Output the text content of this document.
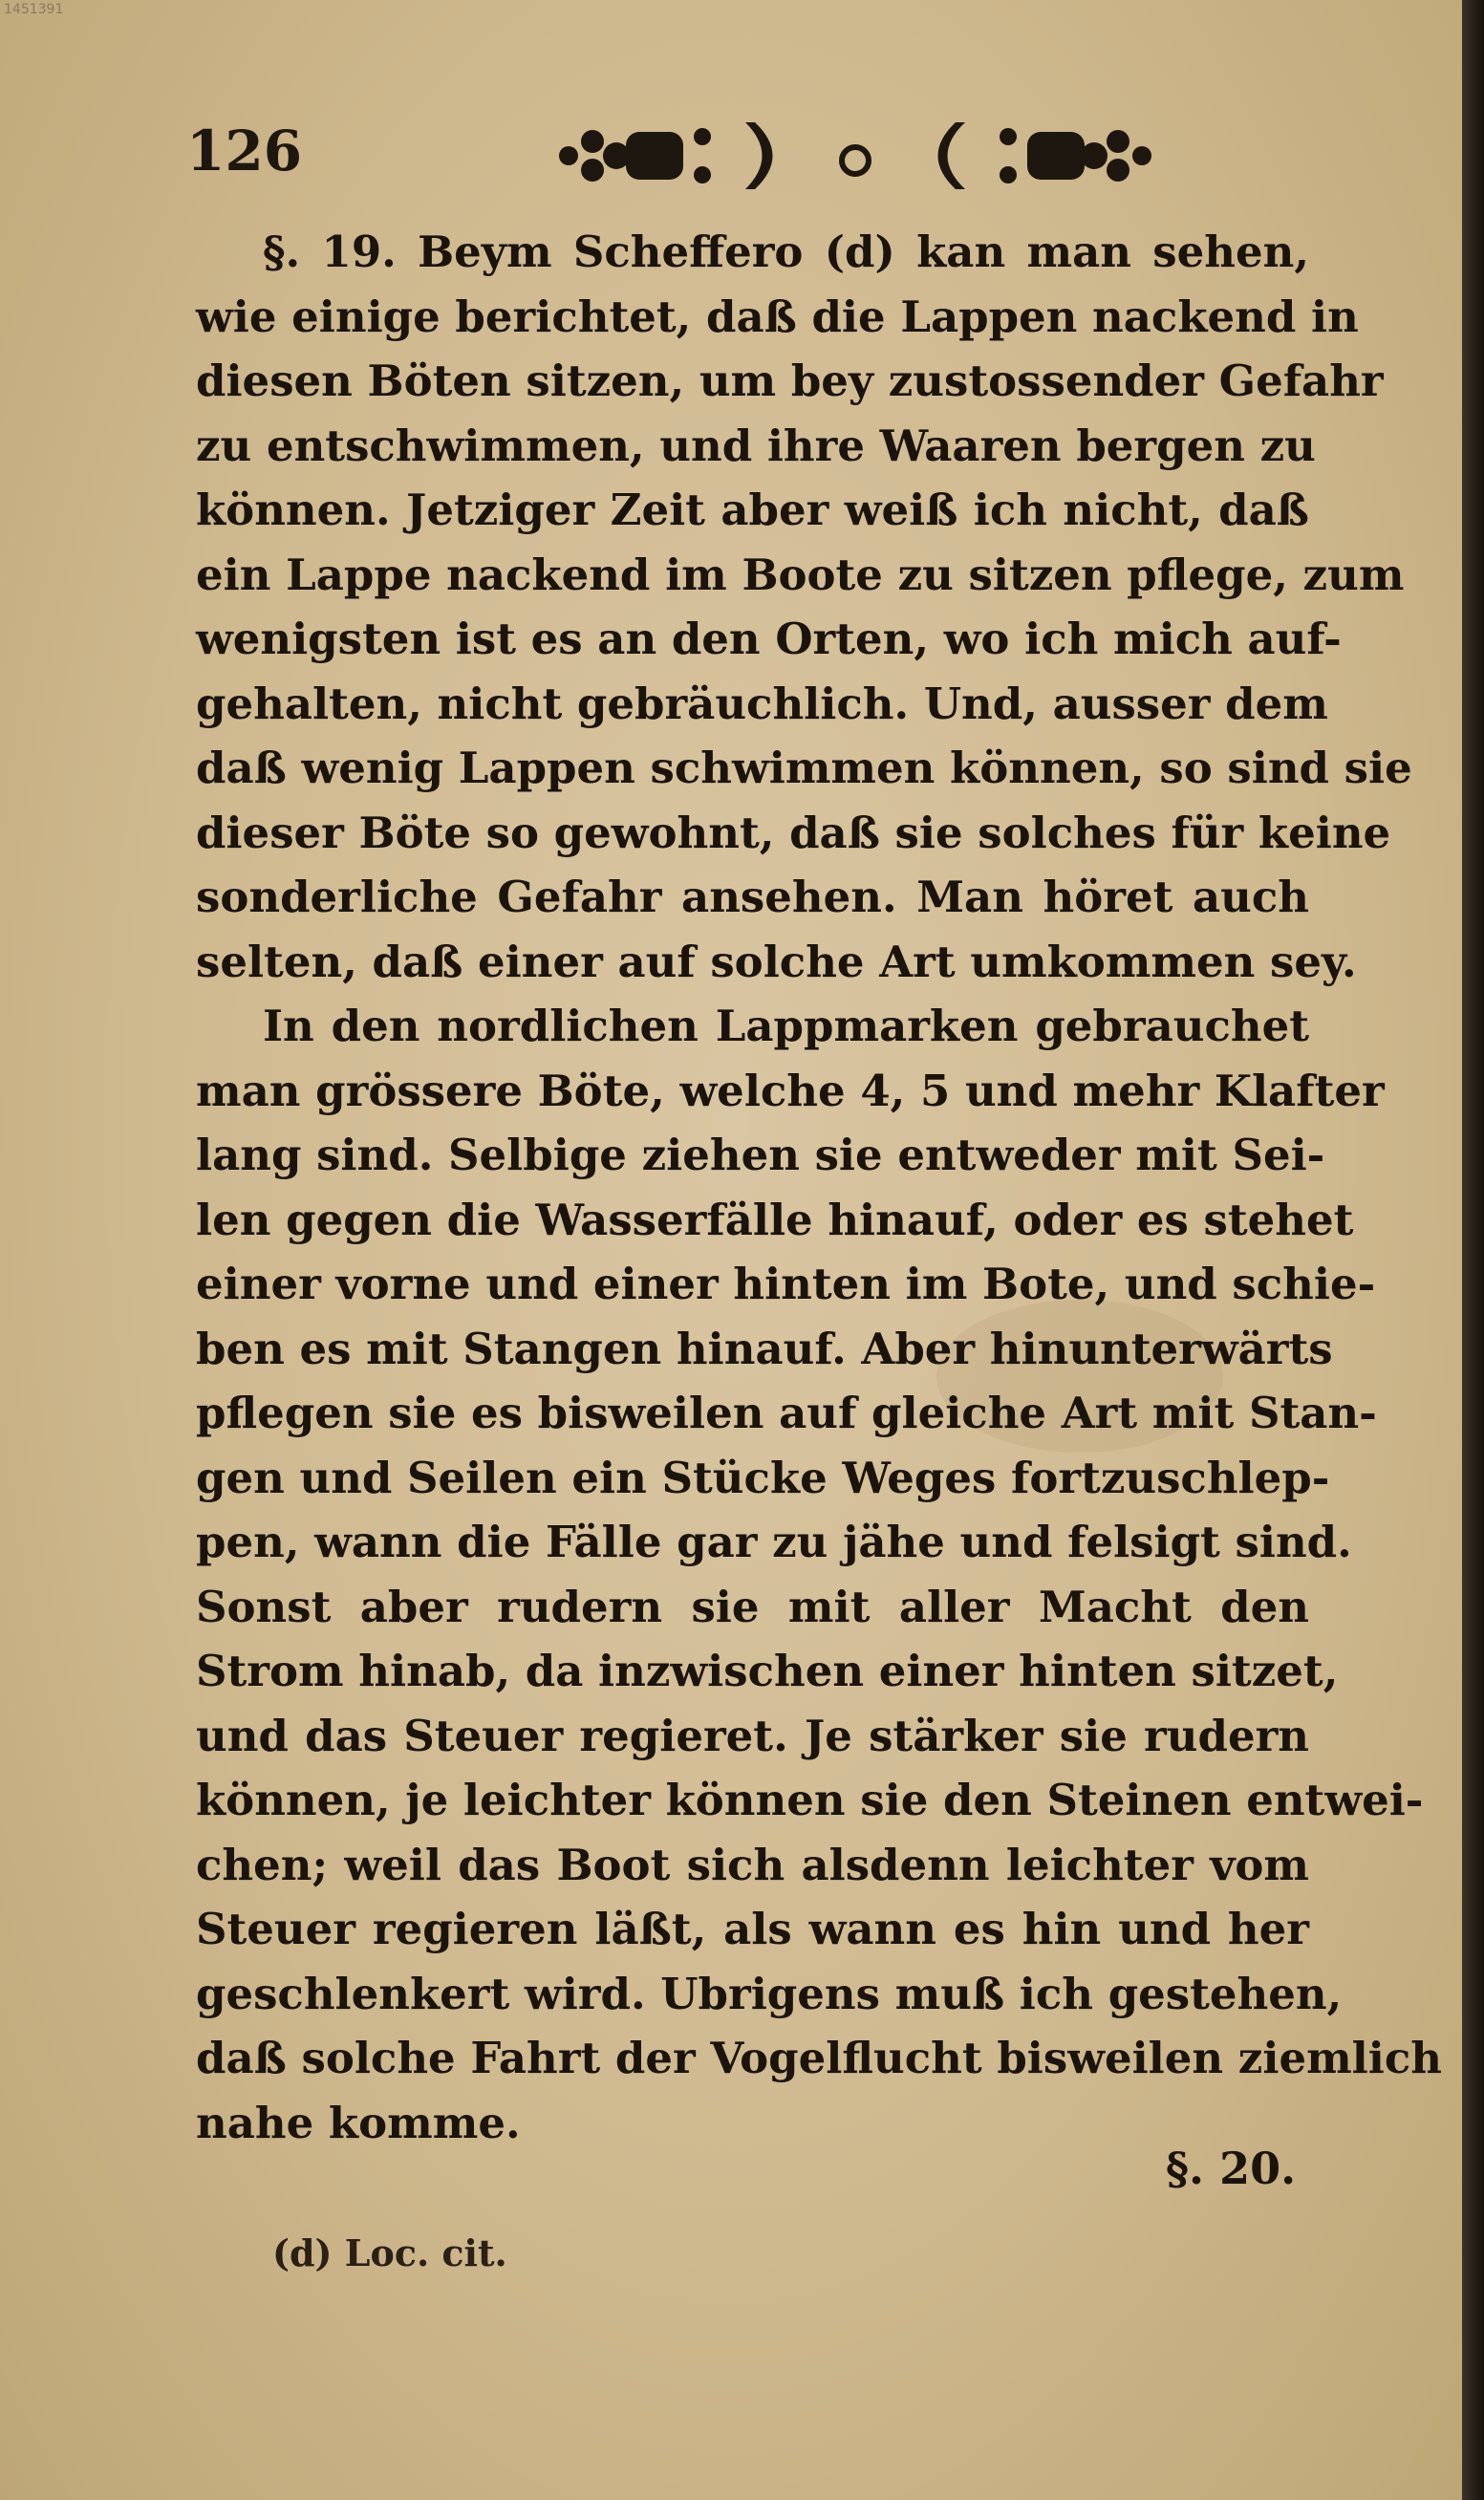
1451391
126
§. 19. Beym Scheffero (d) kan man sehen,
wie einige berichtet, daß die Lappen nackend in
diesen Böten sitzen, um bey zustossender Gefahr
zu entschwimmen, und ihre Waaren bergen zu
können. Jetziger Zeit aber weiß ich nicht, daß
ein Lappe nackend im Boote zu sitzen pflege, zum
wenigsten ist es an den Orten, wo ich mich auf-
gehalten, nicht gebräuchlich. Und, ausser dem
daß wenig Lappen schwimmen können, so sind sie
dieser Böte so gewohnt, daß sie solches für keine
sonderliche Gefahr ansehen. Man höret auch
selten, daß einer auf solche Art umkommen sey.
In den nordlichen Lappmarken gebrauchet
man grössere Böte, welche 4, 5 und mehr Klafter
lang sind. Selbige ziehen sie entweder mit Sei-
len gegen die Wasserfälle hinauf, oder es stehet
einer vorne und einer hinten im Bote, und schie-
ben es mit Stangen hinauf. Aber hinunterwärts
pflegen sie es bisweilen auf gleiche Art mit Stan-
gen und Seilen ein Stücke Weges fortzuschlep-
pen, wann die Fälle gar zu jähe und felsigt sind.
Sonst aber rudern sie mit aller Macht den
Strom hinab, da inzwischen einer hinten sitzet,
und das Steuer regieret. Je stärker sie rudern
können, je leichter können sie den Steinen entwei-
chen; weil das Boot sich alsdenn leichter vom
Steuer regieren läßt, als wann es hin und her
geschlenkert wird. Ubrigens muß ich gestehen,
daß solche Fahrt der Vogelflucht bisweilen ziemlich
nahe komme.
§. 20.
(d) Loc. cit.
